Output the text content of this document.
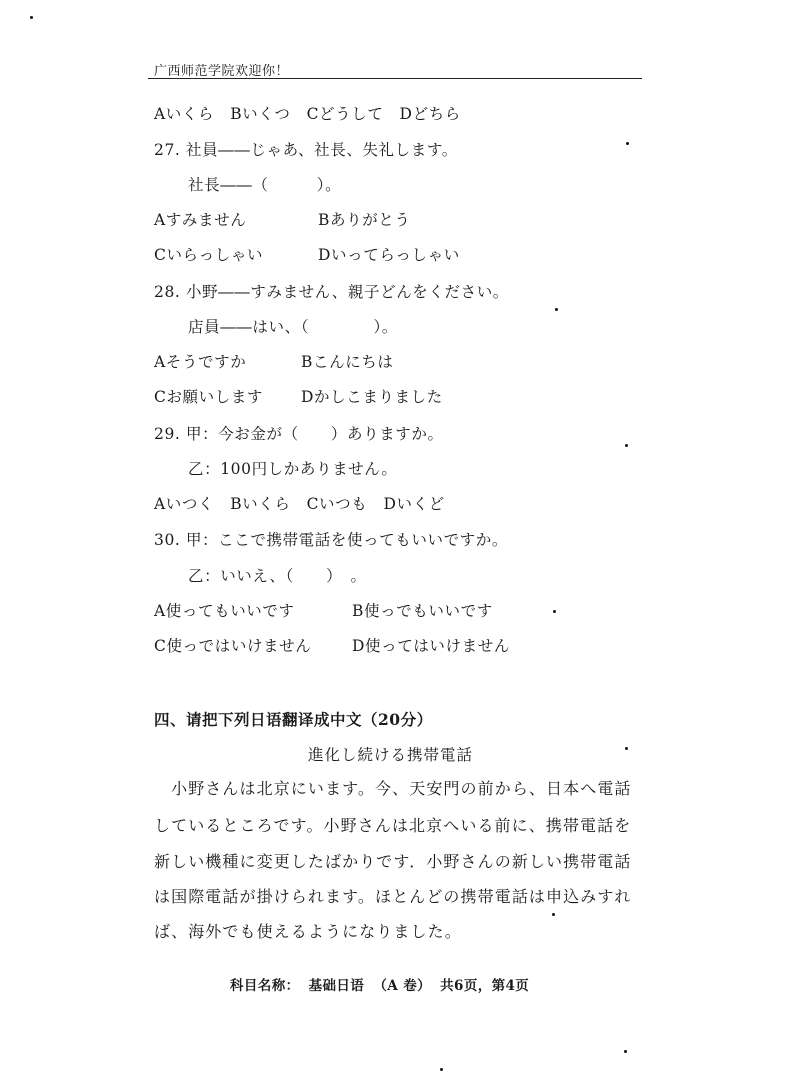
广西师范学院欢迎你！
Aいくら　Bいくつ　Cどうして　Dどちら
27. 社員――じゃあ、社長、失礼します。
社長――（　　　）。
Aすみません	Bありがとう
Cいらっしゃい	Dいってらっしゃい
28. 小野――すみません、親子どんをください。
店員――はい、（　　　　）。
Aそうですか	Bこんにちは
Cお願いします Dかしこまりました
29. 甲：今お金が（　　）ありますか。
乙：100円しかありません。
Aいつく　Bいくら　Cいつも　Dいくど
30. 甲：ここで携帯電話を使ってもいいですか。
乙：いいえ、（　　）　。
A使ってもいいです	B使っでもいいです
C使っではいけません	D使ってはいけません
四、请把下列日语翻译成中文（20分）
進化し続ける携帯電話
　小野さんは北京にいます。今、天安門の前から、日本へ電話
しているところです。小野さんは北京へいる前に、携帯電話を
新しい機種に変更したばかりです．小野さんの新しい携帯電話
は国際電話が掛けられます。ほとんどの携帯電話は申込みすれ
ば、海外でも使えるようになりました。
科目名称： 基础日语 （A 卷） 共6页，第4页
